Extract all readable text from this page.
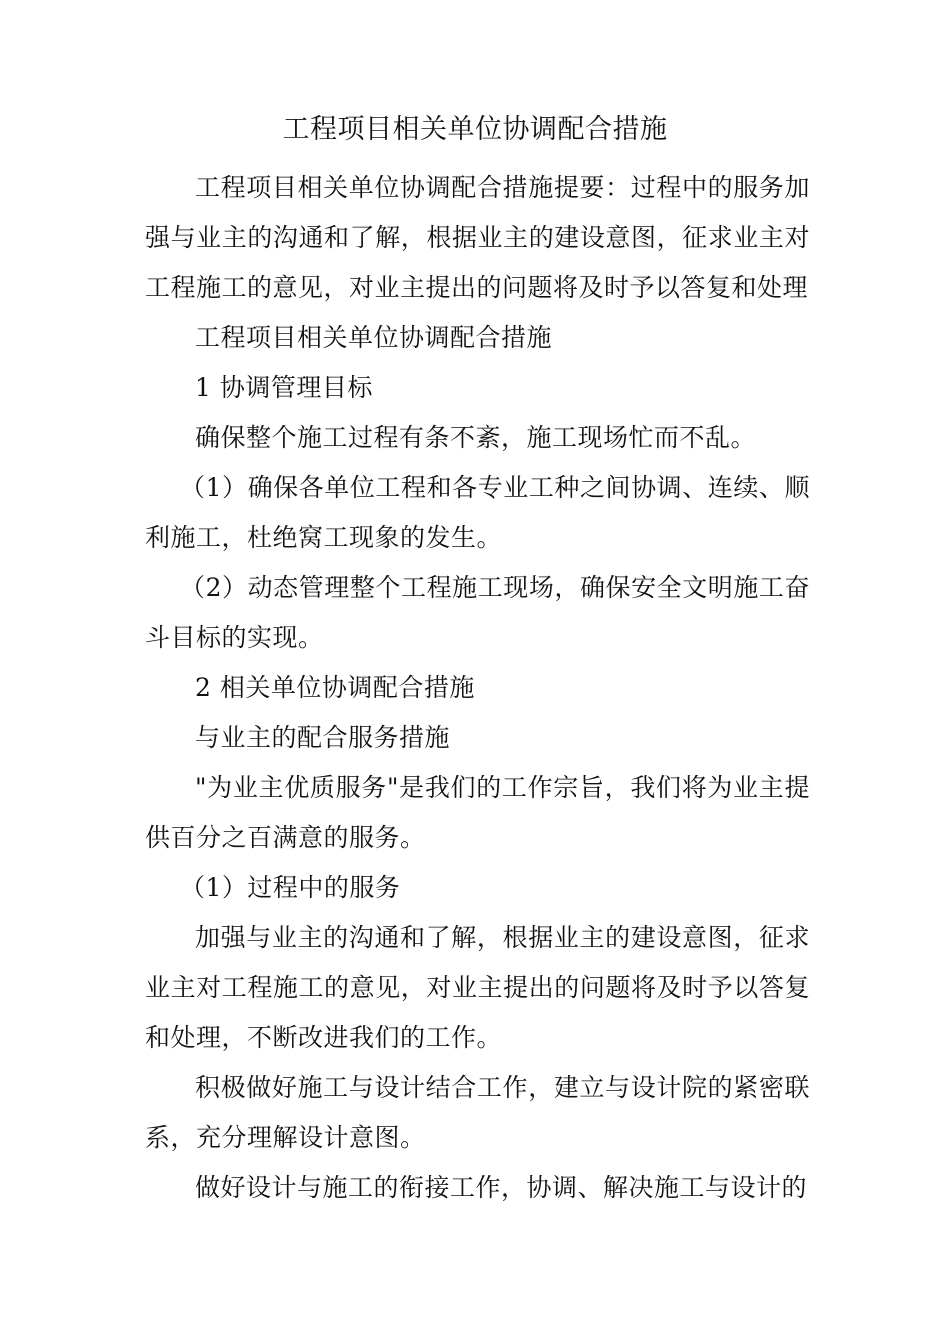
工程项目相关单位协调配合措施

工程项目相关单位协调配合措施提要：过程中的服务加强与业主的沟通和了解，根据业主的建设意图，征求业主对工程施工的意见，对业主提出的问题将及时予以答复和处理

工程项目相关单位协调配合措施

1 协调管理目标

确保整个施工过程有条不紊，施工现场忙而不乱。

（1）确保各单位工程和各专业工种之间协调、连续、顺利施工，杜绝窝工现象的发生。

（2）动态管理整个工程施工现场，确保安全文明施工奋斗目标的实现。

2 相关单位协调配合措施

与业主的配合服务措施

"为业主优质服务"是我们的工作宗旨，我们将为业主提供百分之百满意的服务。

（1）过程中的服务

加强与业主的沟通和了解，根据业主的建设意图，征求业主对工程施工的意见，对业主提出的问题将及时予以答复和处理，不断改进我们的工作。

积极做好施工与设计结合工作，建立与设计院的紧密联系，充分理解设计意图。

做好设计与施工的衔接工作，协调、解决施工与设计的
